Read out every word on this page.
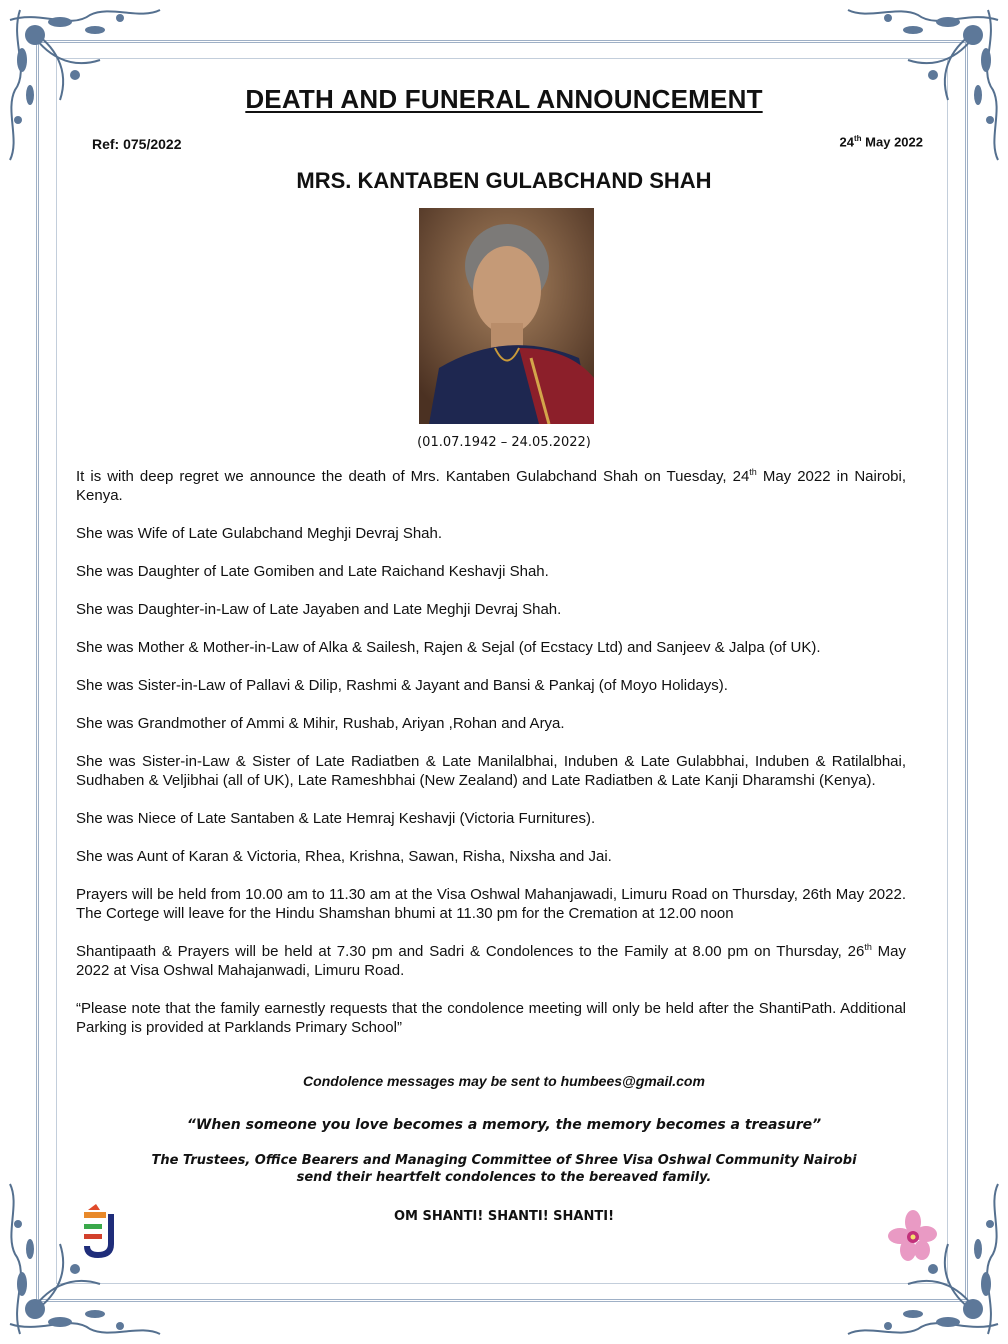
DEATH AND FUNERAL ANNOUNCEMENT
Ref: 075/2022	24th May 2022
MRS. KANTABEN GULABCHAND SHAH
(01.07.1942 – 24.05.2022)

It is with deep regret we announce the death of Mrs. Kantaben Gulabchand Shah on Tuesday, 24th May 2022 in Nairobi, Kenya.

She was Wife of Late Gulabchand Meghji Devraj Shah.

She was Daughter of Late Gomiben and Late Raichand Keshavji Shah.

She was Daughter-in-Law of Late Jayaben and Late Meghji Devraj Shah.

She was Mother & Mother-in-Law of Alka & Sailesh, Rajen & Sejal (of Ecstacy Ltd) and Sanjeev & Jalpa (of UK).

She was Sister-in-Law of Pallavi & Dilip, Rashmi & Jayant and Bansi & Pankaj (of Moyo Holidays).

She was Grandmother of Ammi & Mihir, Rushab, Ariyan ,Rohan and Arya.

She was Sister-in-Law & Sister of Late Radiatben & Late Manilalbhai, Induben & Late Gulabbhai, Induben & Ratilalbhai, Sudhaben & Veljibhai (all of UK), Late Rameshbhai (New Zealand) and Late Radiatben & Late Kanji Dharamshi (Kenya).

She was Niece of Late Santaben & Late Hemraj Keshavji (Victoria Furnitures).

She was Aunt of Karan & Victoria, Rhea, Krishna, Sawan, Risha, Nixsha and Jai.

Prayers will be held from 10.00 am to 11.30 am at the Visa Oshwal Mahanjawadi, Limuru Road on Thursday, 26th May 2022. The Cortege will leave for the Hindu Shamshan bhumi at 11.30 pm for the Cremation at 12.00 noon

Shantipaath & Prayers will be held at 7.30 pm and Sadri & Condolences to the Family at 8.00 pm on Thursday, 26th May 2022 at Visa Oshwal Mahajanwadi, Limuru Road.

“Please note that the family earnestly requests that the condolence meeting will only be held after the ShantiPath. Additional Parking is provided at Parklands Primary School”

Condolence messages may be sent to humbees@gmail.com
“When someone you love becomes a memory, the memory becomes a treasure”
The Trustees, Office Bearers and Managing Committee of Shree Visa Oshwal Community Nairobi
send their heartfelt condolences to the bereaved family.
OM SHANTI! SHANTI! SHANTI!
